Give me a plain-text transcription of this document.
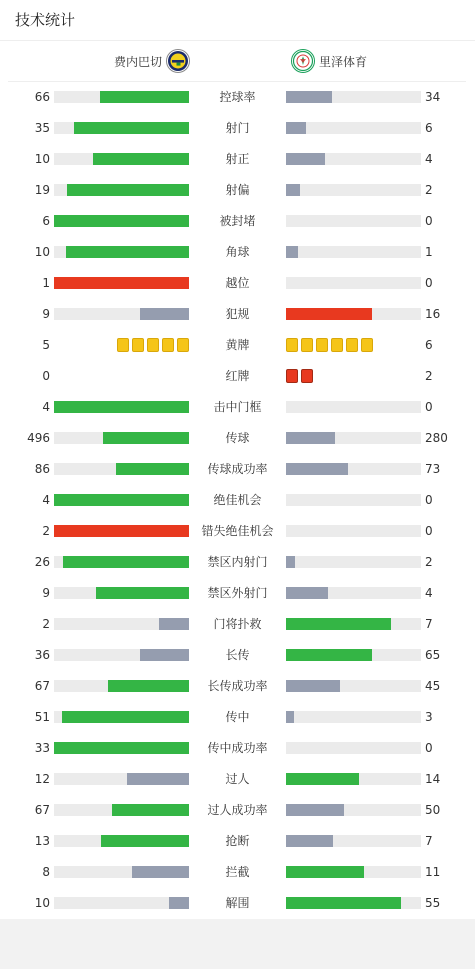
技术统计
费内巴切	里泽体育
66	控球率	34
35	射门	6
10	射正	4
19	射偏	2
6	被封堵	0
10	角球	1
1	越位	0
9	犯规	16
5	黄牌	6
0	红牌	2
4	击中门框	0
496	传球	280
86	传球成功率	73
4	绝佳机会	0
2	错失绝佳机会	0
26	禁区内射门	2
9	禁区外射门	4
2	门将扑救	7
36	长传	65
67	长传成功率	45
51	传中	3
33	传中成功率	0
12	过人	14
67	过人成功率	50
13	抢断	7
8	拦截	11
10	解围	55
